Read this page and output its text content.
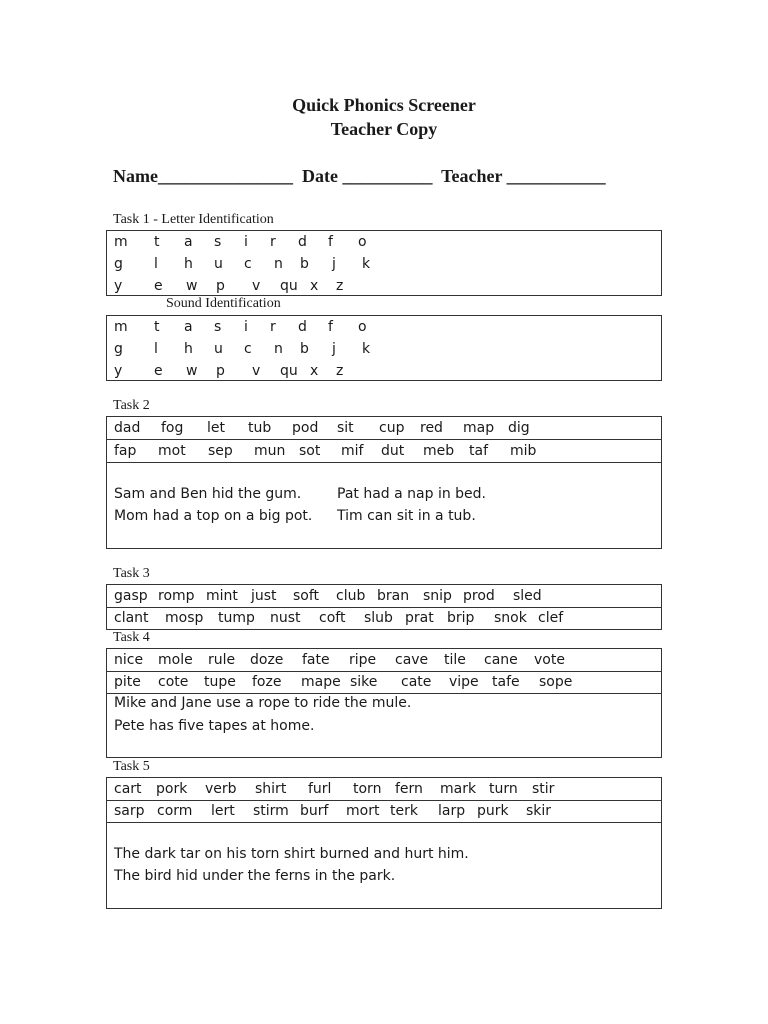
Quick Phonics Screener
Teacher Copy
Name_______________  Date __________  Teacher ___________
Task 1 - Letter Identification
m t a s i r d f o
g l h u c n b j k
y e w p v qu x z
Sound Identification
m t a s i r d f o
g l h u c n b j k
y e w p v qu x z
Task 2
dad fog let tub pod sit cup red map dig
fap mot sep mun sot mif dut meb taf mib
Sam and Ben hid the gum.	Pat had a nap in bed.
Mom had a top on a big pot. Tim can sit in a tub.
Task 3
gasp romp mint just soft club bran snip prod sled
clant mosp tump nust coft slub prat brip snok clef
Task 4
nice mole rule doze fate ripe cave tile cane vote
pite cote tupe foze mape sike cate vipe tafe sope
Mike and Jane use a rope to ride the mule.
Pete has five tapes at home.
Task 5
cart pork verb shirt furl torn fern mark turn stir
sarp corm lert stirm burf mort terk larp purk skir
The dark tar on his torn shirt burned and hurt him.
The bird hid under the ferns in the park.
